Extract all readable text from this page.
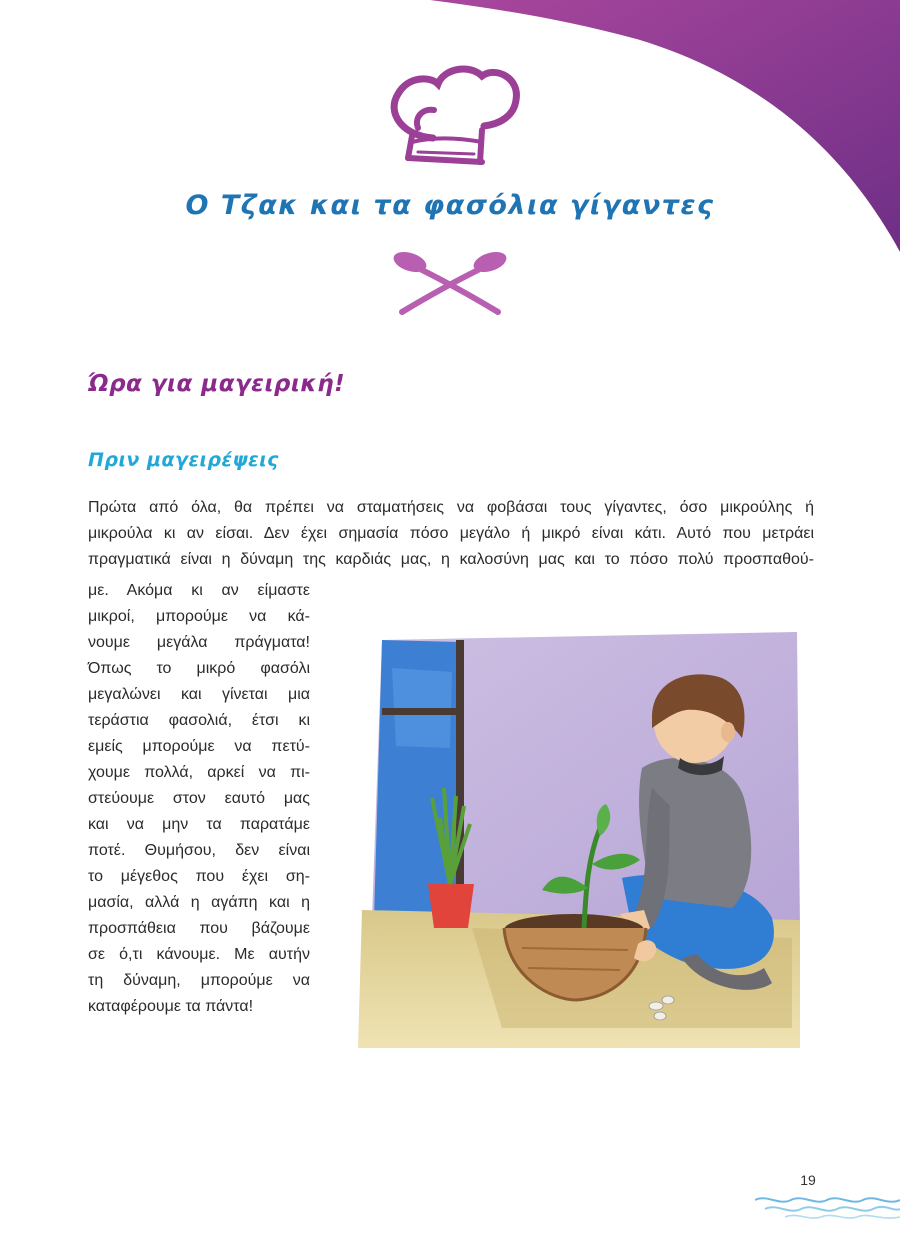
Ο Τζακ και τα φασόλια γίγαντες
Ώρα για μαγειρική!
Πριν μαγειρέψεις

Πρώτα από όλα, θα πρέπει να σταματήσεις να φοβάσαι τους γίγαντες, όσο μικρούλης ή
μικρούλα κι αν είσαι. Δεν έχει σημασία πόσο μεγάλο ή μικρό είναι κάτι. Αυτό που μετράει
πραγματικά είναι η δύναμη της καρδιάς μας, η καλοσύνη μας και το πόσο πολύ προσπαθού-

με. Ακόμα κι αν είμαστε
μικροί, μπορούμε να κά-
νουμε μεγάλα πράγματα!
Όπως το μικρό φασόλι
μεγαλώνει και γίνεται μια
τεράστια φασολιά, έτσι κι
εμείς μπορούμε να πετύ-
χουμε πολλά, αρκεί να πι-
στεύουμε στον εαυτό μας
και να μην τα παρατάμε
ποτέ. Θυμήσου, δεν είναι
το μέγεθος που έχει ση-
μασία, αλλά η αγάπη και η
προσπάθεια που βάζουμε
σε ό,τι κάνουμε. Με αυτήν
τη δύναμη, μπορούμε να
καταφέρουμε τα πάντα!

19
